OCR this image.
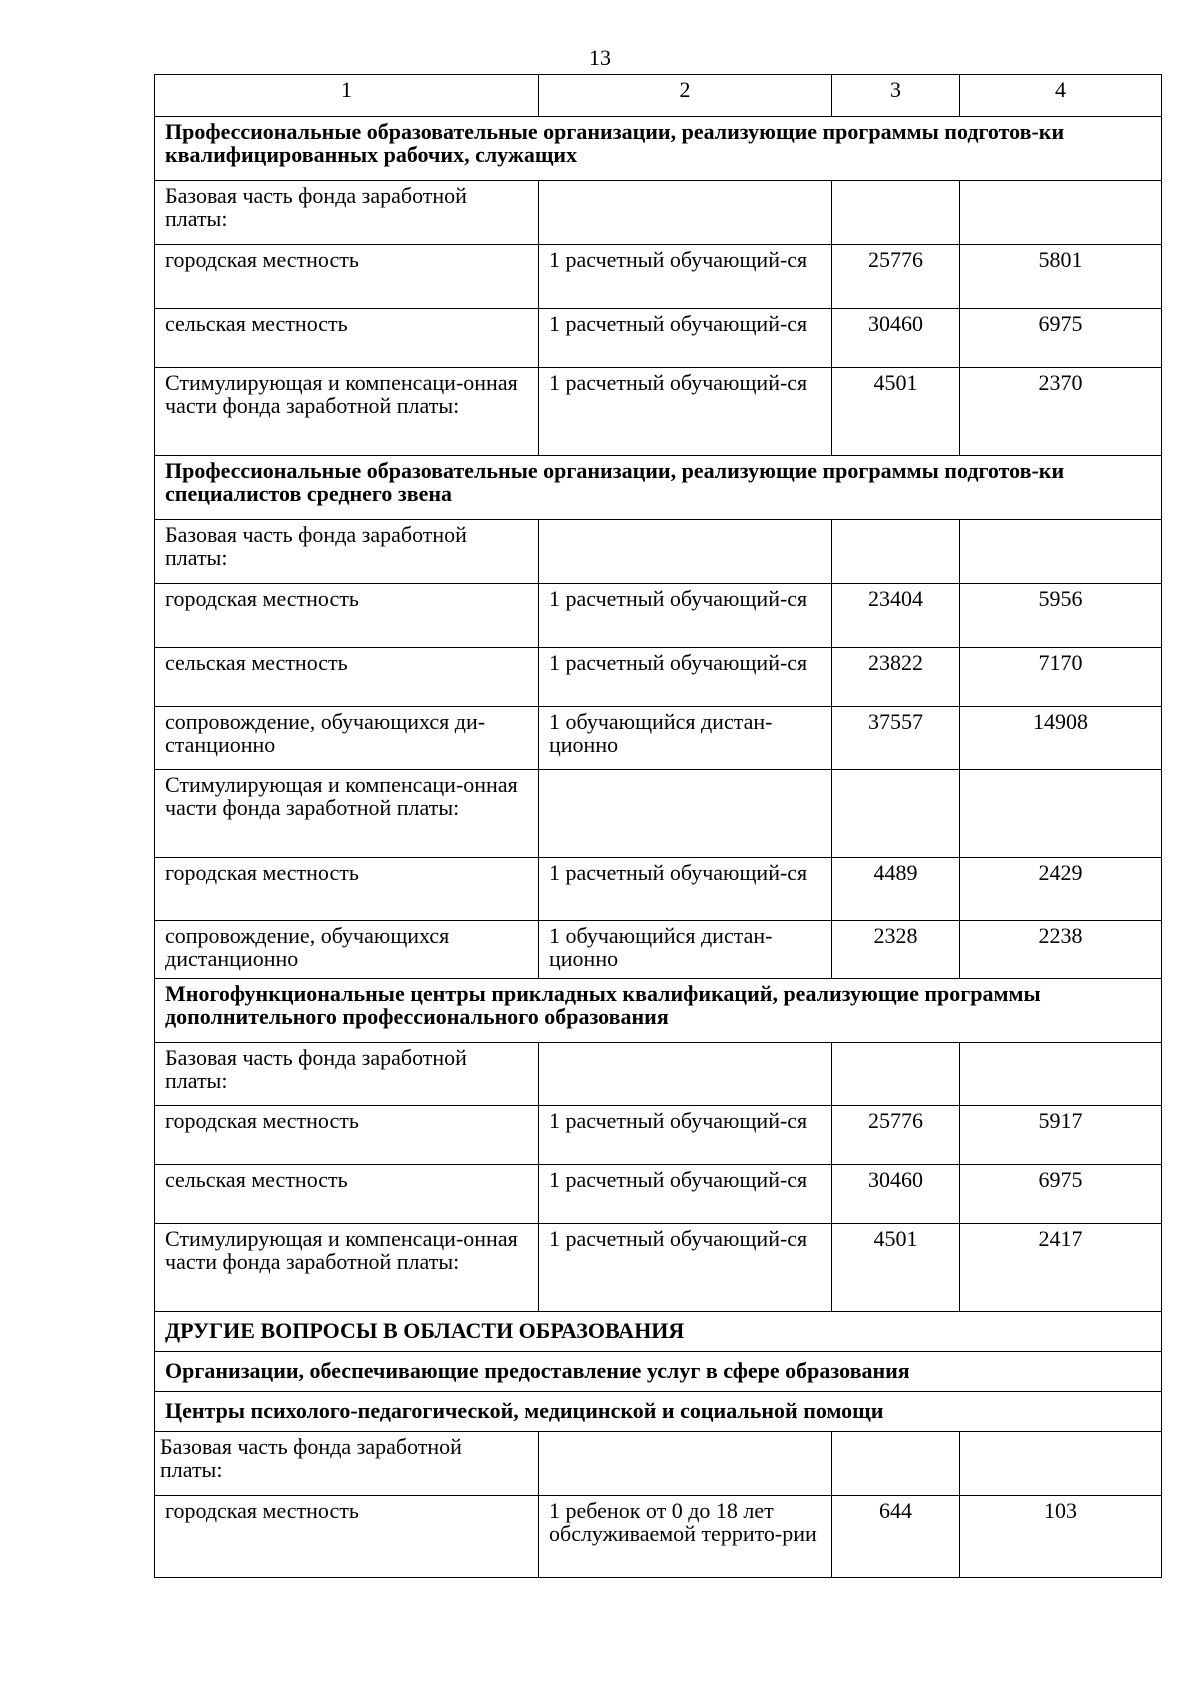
13
1	2	3	4
Профессиональные образовательные организации, реализующие программы подготов-ки квалифицированных рабочих, служащих			
Базовая часть фонда заработной платы:			
городская местность	1 расчетный обучающий-ся	25776	5801
сельская местность	1 расчетный обучающий-ся	30460	6975
Стимулирующая и компенсаци-онная части фонда заработной платы:	1 расчетный обучающий-ся	4501	2370
Профессиональные образовательные организации, реализующие программы подготов-ки специалистов среднего звена			
Базовая часть фонда заработной платы:			
городская местность	1 расчетный обучающий-ся	23404	5956
сельская местность	1 расчетный обучающий-ся	23822	7170
сопровождение, обучающихся ди-станционно	1 обучающийся дистан-ционно	37557	14908
Стимулирующая и компенсаци-онная части фонда заработной платы:			
городская местность	1 расчетный обучающий-ся	4489	2429
сопровождение, обучающихся дистанционно	1 обучающийся дистан-ционно	2328	2238
Многофункциональные центры прикладных квалификаций, реализующие программы дополнительного профессионального образования			
Базовая часть фонда заработной платы:			
городская местность	1 расчетный обучающий-ся	25776	5917
сельская местность	1 расчетный обучающий-ся	30460	6975
Стимулирующая и компенсаци-онная части фонда заработной платы:	1 расчетный обучающий-ся	4501	2417
ДРУГИЕ ВОПРОСЫ В ОБЛАСТИ ОБРАЗОВАНИЯ			
Организации, обеспечивающие предоставление услуг в сфере образования			
Центры психолого-педагогической, медицинской и социальной помощи			
Базовая часть фонда заработной платы:			
городская местность	1 ребенок от 0 до 18 лет обслуживаемой террито-рии	644	103
